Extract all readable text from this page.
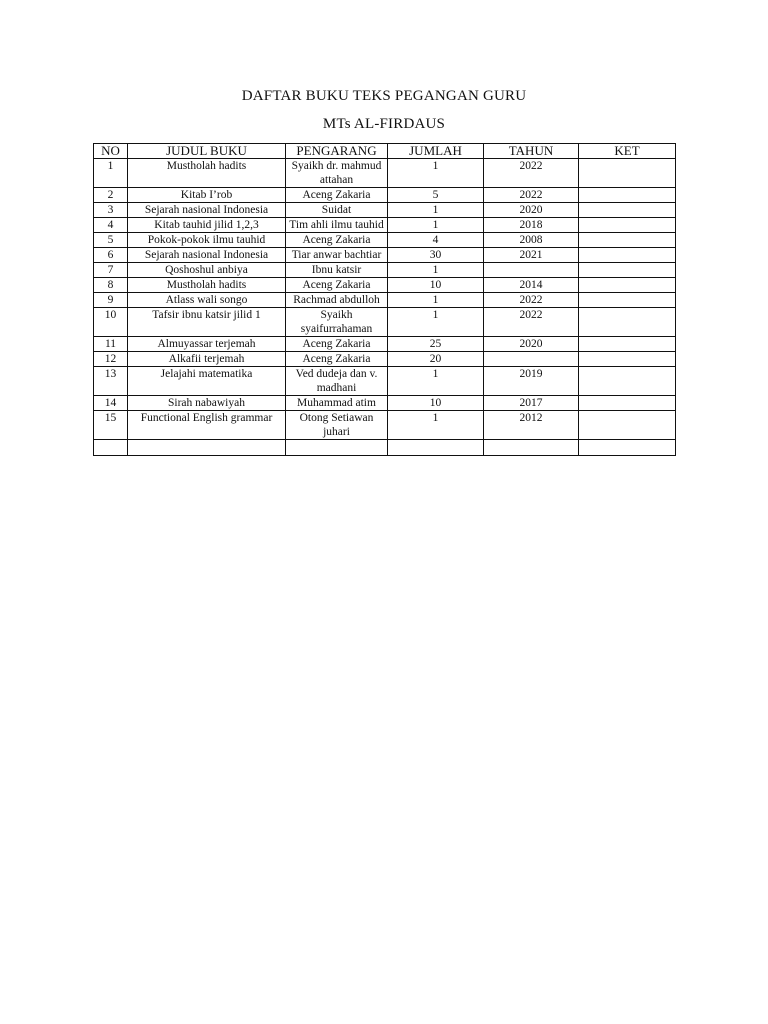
DAFTAR BUKU TEKS PEGANGAN GURU
MTs AL-FIRDAUS
NO	JUDUL BUKU	PENGARANG	JUMLAH	TAHUN	KET
1	Mustholah hadits	Syaikh dr. mahmud attahan	1	2022	
2	Kitab I’rob	Aceng Zakaria	5	2022	
3	Sejarah nasional Indonesia	Suidat	1	2020	
4	Kitab tauhid jilid 1,2,3	Tim ahli ilmu tauhid	1	2018	
5	Pokok-pokok ilmu tauhid	Aceng Zakaria	4	2008	
6	Sejarah nasional Indonesia	Tiar anwar bachtiar	30	2021	
7	Qoshoshul anbiya	Ibnu katsir	1		
8	Mustholah hadits	Aceng Zakaria	10	2014	
9	Atlass wali songo	Rachmad abdulloh	1	2022	
10	Tafsir ibnu katsir jilid 1	Syaikh syaifurrahaman	1	2022	
11	Almuyassar terjemah	Aceng Zakaria	25	2020	
12	Alkafii terjemah	Aceng Zakaria	20		
13	Jelajahi matematika	Ved dudeja dan v. madhani	1	2019	
14	Sirah nabawiyah	Muhammad atim	10	2017	
15	Functional English grammar	Otong Setiawan juhari	1	2012	
